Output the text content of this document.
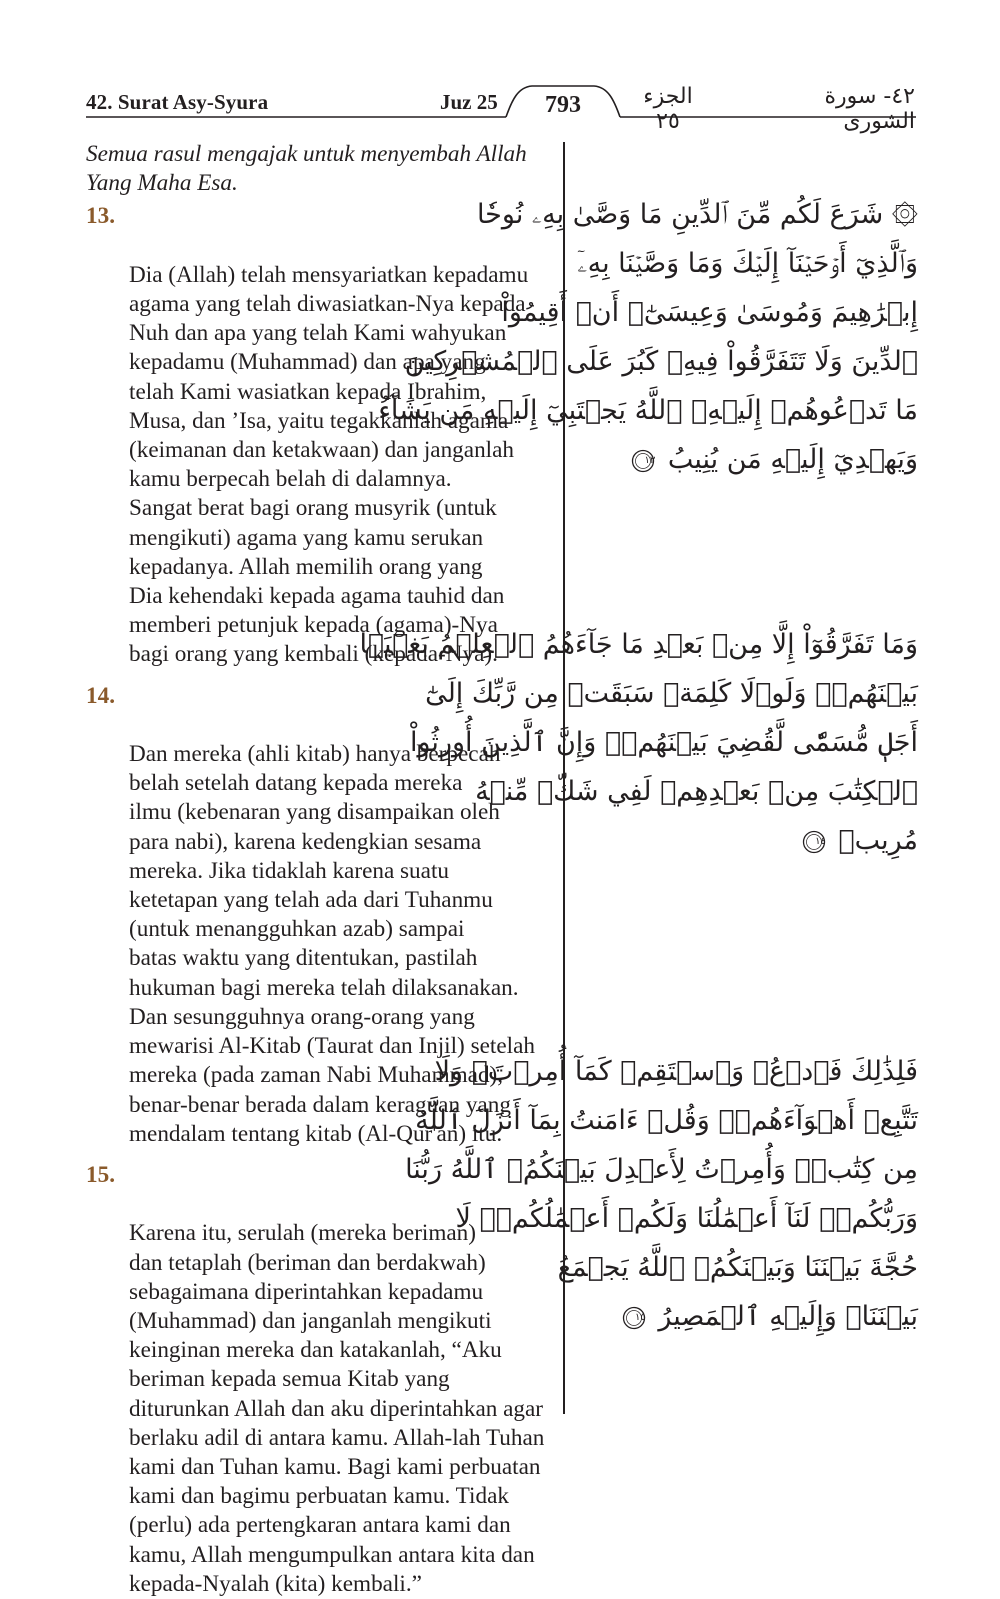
42. Surat Asy-Syura	Juz 25	793	الجزء ٢٥
٤٢- سورة الشورى
Semua rasul mengajak untuk menyembah Allah
Yang Maha Esa.

13.

Dia (Allah) telah mensyariatkan kepadamu
agama yang telah diwasiatkan-Nya kepada
Nuh dan apa yang telah Kami wahyukan
kepadamu (Muhammad) dan apa yang
telah Kami wasiatkan kepada Ibrahim,
Musa, dan ’Isa, yaitu tegakkanlah agama
(keimanan dan ketakwaan) dan janganlah
kamu berpecah belah di dalamnya.
Sangat berat bagi orang musyrik (untuk
mengikuti) agama yang kamu serukan
kepadanya. Allah memilih orang yang
Dia kehendaki kepada agama tauhid dan
memberi petunjuk kepada (agama)-Nya
bagi orang yang kembali (kepada-Nya).

14.

Dan mereka (ahli kitab) hanya berpecah
belah setelah datang kepada mereka
ilmu (kebenaran yang disampaikan oleh
para nabi), karena kedengkian sesama
mereka. Jika tidaklah karena suatu
ketetapan yang telah ada dari Tuhanmu
(untuk menangguhkan azab) sampai
batas waktu yang ditentukan, pastilah
hukuman bagi mereka telah dilaksanakan.
Dan sesungguhnya orang-orang yang
mewarisi Al-Kitab (Taurat dan Injil) setelah
mereka (pada zaman Nabi Muhammad),
benar-benar berada dalam keraguan yang
mendalam tentang kitab (Al-Qur'an) itu.

15.

Karena itu, serulah (mereka beriman)
dan tetaplah (beriman dan berdakwah)
sebagaimana diperintahkan kepadamu
(Muhammad) dan janganlah mengikuti
keinginan mereka dan katakanlah, “Aku
beriman kepada semua Kitab yang
diturunkan Allah dan aku diperintahkan agar
berlaku adil di antara kamu. Allah-lah Tuhan
kami dan Tuhan kamu. Bagi kami perbuatan
kami dan bagimu perbuatan kamu. Tidak
(perlu) ada pertengkaran antara kami dan
kamu, Allah mengumpulkan antara kita dan
kepada-Nyalah (kita) kembali.”

۞ شَرَعَ لَكُم مِّنَ ٱلدِّينِ مَا وَصَّىٰ بِهِۦ نُوحٗا
وَٱلَّذِيٓ أَوۡحَيۡنَآ إِلَيۡكَ وَمَا وَصَّيۡنَا بِهِۦٓ
إِبۡرَٰهِيمَ وَمُوسَىٰ وَعِيسَىٰٓۖ أَنۡ أَقِيمُواْ
ٱلدِّينَ وَلَا تَتَفَرَّقُواْ فِيهِۚ كَبُرَ عَلَى ٱلۡمُشۡرِكِينَ
مَا تَدۡعُوهُمۡ إِلَيۡهِۚ ٱللَّهُ يَجۡتَبِيٓ إِلَيۡهِ مَن يَشَآءُ
وَيَهۡدِيٓ إِلَيۡهِ مَن يُنِيبُ
١٣
وَمَا تَفَرَّقُوٓاْ إِلَّا مِنۢ بَعۡدِ مَا جَآءَهُمُ ٱلۡعِلۡمُ بَغۡيَۢا
بَيۡنَهُمۡۚ وَلَوۡلَا كَلِمَةٞ سَبَقَتۡ مِن رَّبِّكَ إِلَىٰٓ
أَجَلٖ مُّسَمّٗى لَّقُضِيَ بَيۡنَهُمۡۚ وَإِنَّ ٱلَّذِينَ أُورِثُواْ
ٱلۡكِتَٰبَ مِنۢ بَعۡدِهِمۡ لَفِي شَكّٖ مِّنۡهُ
مُرِيبٖ
١٤
فَلِذَٰلِكَ فَٱدۡعُۖ وَٱسۡتَقِمۡ كَمَآ أُمِرۡتَۖ وَلَا
تَتَّبِعۡ أَهۡوَآءَهُمۡۖ وَقُلۡ ءَامَنتُ بِمَآ أَنزَلَ ٱللَّهُ
مِن كِتَٰبٖۖ وَأُمِرۡتُ لِأَعۡدِلَ بَيۡنَكُمُۖ ٱللَّهُ رَبُّنَا
وَرَبُّكُمۡۖ لَنَآ أَعۡمَٰلُنَا وَلَكُمۡ أَعۡمَٰلُكُمۡۖ لَا
حُجَّةَ بَيۡنَنَا وَبَيۡنَكُمُۖ ٱللَّهُ يَجۡمَعُ
بَيۡنَنَاۖ وَإِلَيۡهِ ٱلۡمَصِيرُ
١٥
